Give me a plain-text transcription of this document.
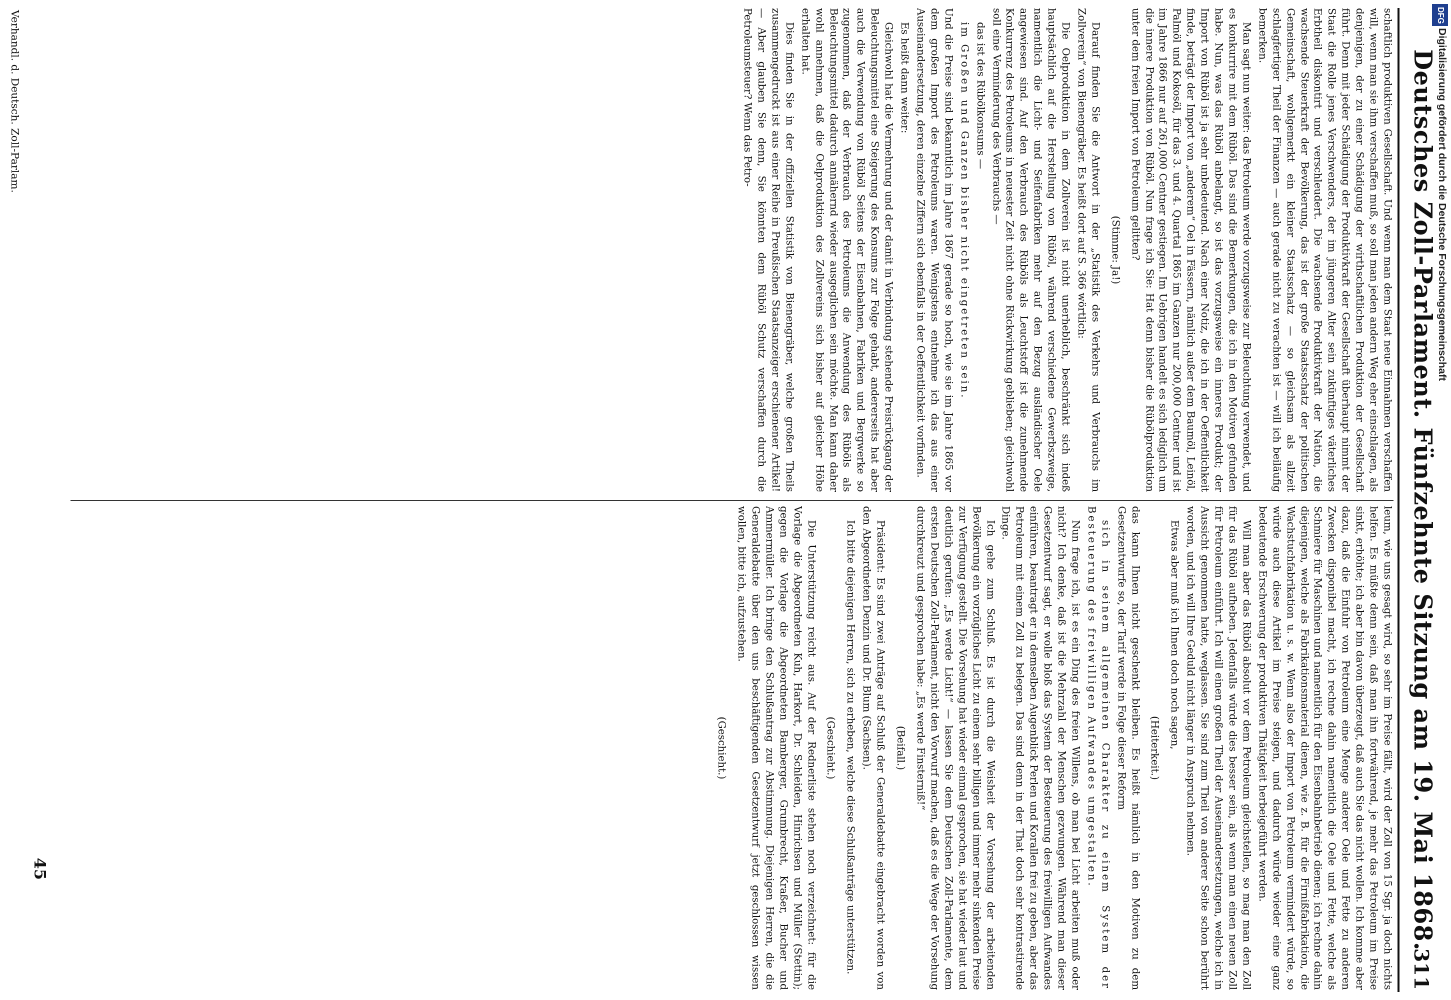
Deutsches Zoll-Parlament. Fünfzehnte Sitzung am 19. Mai 1868.
311

schaftlich produktiven Gesellschaft. Und wenn man dem Staat neue Einnahmen verschaffen will, wenn man sie ihm verschaffen muß, so soll man jeden andern Weg eher einschlagen, als denjenigen, der zu einer Schädigung der wirthschaftlichen Produktion der Gesellschaft führt. Denn mit jeder Schädigung der Produktivkraft der Gesellschaft überhaupt nimmt der Staat die Rolle jenes Verschwenders, der im jüngeren Alter sein zukünftiges väterliches Erbtheil diskontirt und verschleudert. Die wachsende Produktivkraft der Nation, die wachsende Steuerkraft der Bevölkerung, das ist der große Staatsschatz der politischen Gemeinschaft, wohlgemerkt ein kleiner Staatsschatz — so gleichsam als allzeit schlagfertiger Theil der Finanzen — auch gerade nicht zu verachten ist — will ich beiläufig bemerken.

Man sagt nun weiter: das Petroleum werde vorzugsweise zur Beleuchtung verwendet, und es konkurrire mit dem Rüböl. Das sind die Bemerkungen, die ich in den Motiven gefunden habe. Nun, was das Rüböl anbelangt, so ist das vorzugsweise ein inneres Produkt; der Import von Rüböl ist ja sehr unbedeutend. Nach einer Notiz, die ich in der Oeffentlichkeit finde, beträgt der Import von „anderem“ Oel in Fässern, nämlich außer dem Baumöl, Leinöl, Palmöl und Kokosöl, für das 3. und 4. Quartal 1865 im Ganzen nur 200,000 Centner und ist im Jahre 1866 nur auf 261,000 Centner gestiegen. Im Uebrigen handelt es sich lediglich um die innere Produktion von Rüböl. Nun frage ich Sie: Hat denn bisher die Rübölproduktion unter dem freien Import von Petroleum gelitten?

(Stimme: Ja!)

Darauf finden Sie die Antwort in der „Statistik des Verkehrs und Verbrauchs im Zollverein“ von Bienengräber. Es heißt dort auf S. 366 wörtlich:

Die Oelproduktion in dem Zollverein ist nicht unerheblich, beschränkt sich indeß hauptsächlich auf die Herstellung von Rüböl, während verschiedene Gewerbszweige, namentlich die Licht- und Seifenfabriken mehr auf den Bezug ausländischer Oele angewiesen sind. Auf den Verbrauch des Rüböls als Leuchtstoff ist die zunehmende Konkurrenz des Petroleums in neuester Zeit nicht ohne Rückwirkung geblieben; gleichwohl soll eine Verminderung des Verbrauchs —

das ist des Rübölkonsums —

im Großen und Ganzen bisher nicht eingetreten sein.

Und die Preise sind bekanntlich im Jahre 1867 gerade so hoch, wie sie im Jahre 1865 vor dem großen Import des Petroleums waren. Wenigstens entnehme ich das aus einer Auseinandersetzung, deren einzelne Ziffern sich ebenfalls in der Oeffentlichkeit vorfinden.

Es heißt dann weiter:

Gleichwohl hat die Vermehrung und der damit in Verbindung stehende Preisrückgang der Beleuchtungsmittel eine Steigerung des Konsums zur Folge gehabt, andererseits hat aber auch die Verwendung von Rüböl Seitens der Eisenbahnen, Fabriken und Bergwerke so zugenommen, daß der Verbrauch des Petroleums die Anwendung des Rüböls als Beleuchtungsmittel dadurch annähernd wieder ausgeglichen sein möchte. Man kann daher wohl annehmen, daß die Oelproduktion des Zollvereins sich bisher auf gleicher Höhe erhalten hat.

Dies finden Sie in der offiziellen Statistik von Bienengräber, welche großen Theils zusammengedruckt ist aus einer Reihe in Preußischen Staatsanzeiger erschienener Artikel! — Aber glauben Sie denn, Sie könnten dem Rüböl Schutz verschaffen durch die Petroleumsteuer? Wenn das Petro-

leum, wie uns gesagt wird, so sehr im Preise fällt, wird der Zoll von 15 Sgr. ja doch nichts helfen. Es müßte denn sein, daß man ihn fortwährend, je mehr das Petroleum im Preise sinkt, erhöhte; ich aber bin davon überzeugt, daß auch Sie das nicht wollen. Ich komme aber dazu, daß die Einfuhr von Petroleum eine Menge anderer Oele und Fette zu anderen Zwecken disponibel macht, ich rechne dahin namentlich die Oele und Fette, welche als Schmiere für Maschinen und namentlich für den Eisenbahnbetrieb dienen; ich rechne dahin diejenigen, welche als Fabrikationsmaterial dienen, wie z. B. für die Firnißfabrikation, die Wachstuchfabrikation u. s. w. Wenn also der Import von Petroleum vermindert würde, so würde auch diese Artikel im Preise steigen, und dadurch würde wieder eine ganz bedeutende Erschwerung der produktiven Thätigkeit herbeigeführt werden.

Will man aber das Rüböl absolut vor dem Petroleum gleichstellen, so mag man den Zoll für das Rüböl aufheben. Jedenfalls würde dies besser sein, als wenn man einen neuen Zoll für Petroleum einführt. Ich will einen großen Theil der Auseinandersetzungen, welche ich in Aussicht genommen hatte, weglassen. Sie sind zum Theil von anderer Seite schon berührt worden, und ich will Ihre Geduld nicht länger in Anspruch nehmen.

Etwas aber muß ich Ihnen doch noch sagen,

(Heiterkeit.)

das kann Ihnen nicht geschenkt bleiben. Es heißt nämlich in den Motiven zu dem Gesetzentwurfe so, der Tarif werde in Folge dieser Reform

sich in seinem allgemeinen Charakter zu einem System der Besteuerung des freiwilligen Aufwandes umgestalten.

Nun frage ich, ist es ein Ding des freien Willens, ob man bei Licht arbeiten muß oder nicht? Ich denke, daß ist die Mehrzahl der Menschen gezwungen. Während man dieser Gesetzentwurf sagt, er wolle bloß das System der Besteuerung des freiwilligen Aufwandes einführen, beantragt er in demselben Augenblick Perlen und Korallen frei zu geben, aber das Petroleum mit einem Zoll zu belegen. Das sind denn in der That doch sehr kontrastirende Dinge.

Ich gehe zum Schluß. Es ist durch die Weisheit der Vorsehung der arbeitenden Bevölkerung ein vorzügliches Licht zu einem sehr billigen und immer mehr sinkenden Preise zur Verfügung gestellt. Die Vorsehung hat wieder einmal gesprochen, sie hat wieder laut und deutlich gerufen: „Es werde Licht!“ — lassen Sie dem Deutschen Zoll-Parlamente, dem ersten Deutschen Zoll-Parlament, nicht den Vorwurf machen, daß es die Wege der Vorsehung durchkreuzt und gesprochen habe: „Es werde Finsterniß!“

(Beifall.)

Präsident: Es sind zwei Anträge auf Schluß der Generaldebatte eingebracht worden von den Abgeordneten Denzin und Dr. Blum (Sachsen).

Ich bitte diejenigen Herren, sich zu erheben, welche diese Schlußanträge unterstützen.

(Geschieht.)

Die Unterstützung reicht aus. Auf der Rednerliste stehen noch verzeichnet: für die Vorlage die Abgeordneten Kuh, Harkort, Dr. Schleiden, Hinrichsen und Müller (Stettin); gegen die Vorlage die Abgeordneten Bamberger, Grumbrecht, Kraßer, Bucher und Ammermüller. Ich bringe den Schlußantrag zur Abstimmung. Diejenigen Herren, die die Generaldebatte über den uns beschäftigenden Gesetzentwurf jetzt geschlossen wissen wollen, bitte ich, aufzustehen.

(Geschieht.)

45
Verhandl. d. Deutsch. Zoll-Parlam.	DFG
Digitalisierung gefördert durch die Deutsche Forschungsgemeinschaft
